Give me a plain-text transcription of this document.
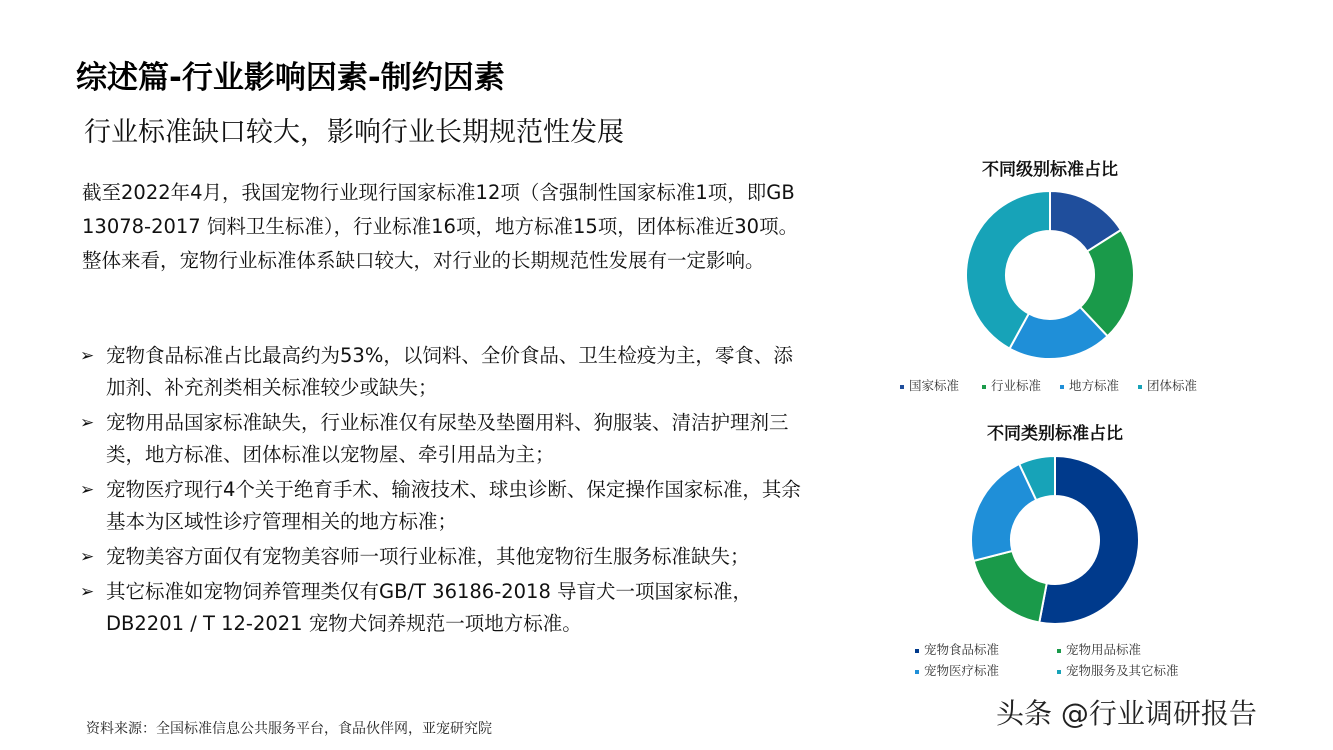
综述篇-行业影响因素-制约因素
行业标准缺口较大，影响行业长期规范性发展
截至2022年4月，我国宠物行业现行国家标准12项（含强制性国家标准1项，即GB 13078-2017 饲料卫生标准），行业标准16项，地方标准15项，团体标准近30项。整体来看，宠物行业标准体系缺口较大，对行业的长期规范性发展有一定影响。
➢ 宠物食品标准占比最高约为53%，以饲料、全价食品、卫生检疫为主，零食、添加剂、补充剂类相关标准较少或缺失；
➢ 宠物用品国家标准缺失，行业标准仅有尿垫及垫圈用料、狗服装、清洁护理剂三类，地方标准、团体标准以宠物屋、牵引用品为主；
➢ 宠物医疗现行4个关于绝育手术、输液技术、球虫诊断、保定操作国家标准，其余基本为区域性诊疗管理相关的地方标准；
➢ 宠物美容方面仅有宠物美容师一项行业标准，其他宠物衍生服务标准缺失；
➢ 其它标准如宠物饲养管理类仅有GB/T 36186-2018 导盲犬一项国家标准，DB2201 / T 12-2021 宠物犬饲养规范一项地方标准。
资料来源：全国标准信息公共服务平台，食品伙伴网，亚宠研究院
不同级别标准占比
国家标准	行业标准	地方标准	团体标准
不同类别标准占比
宠物食品标准	宠物用品标准
宠物医疗标准	宠物服务及其它标准
头条 @行业调研报告
